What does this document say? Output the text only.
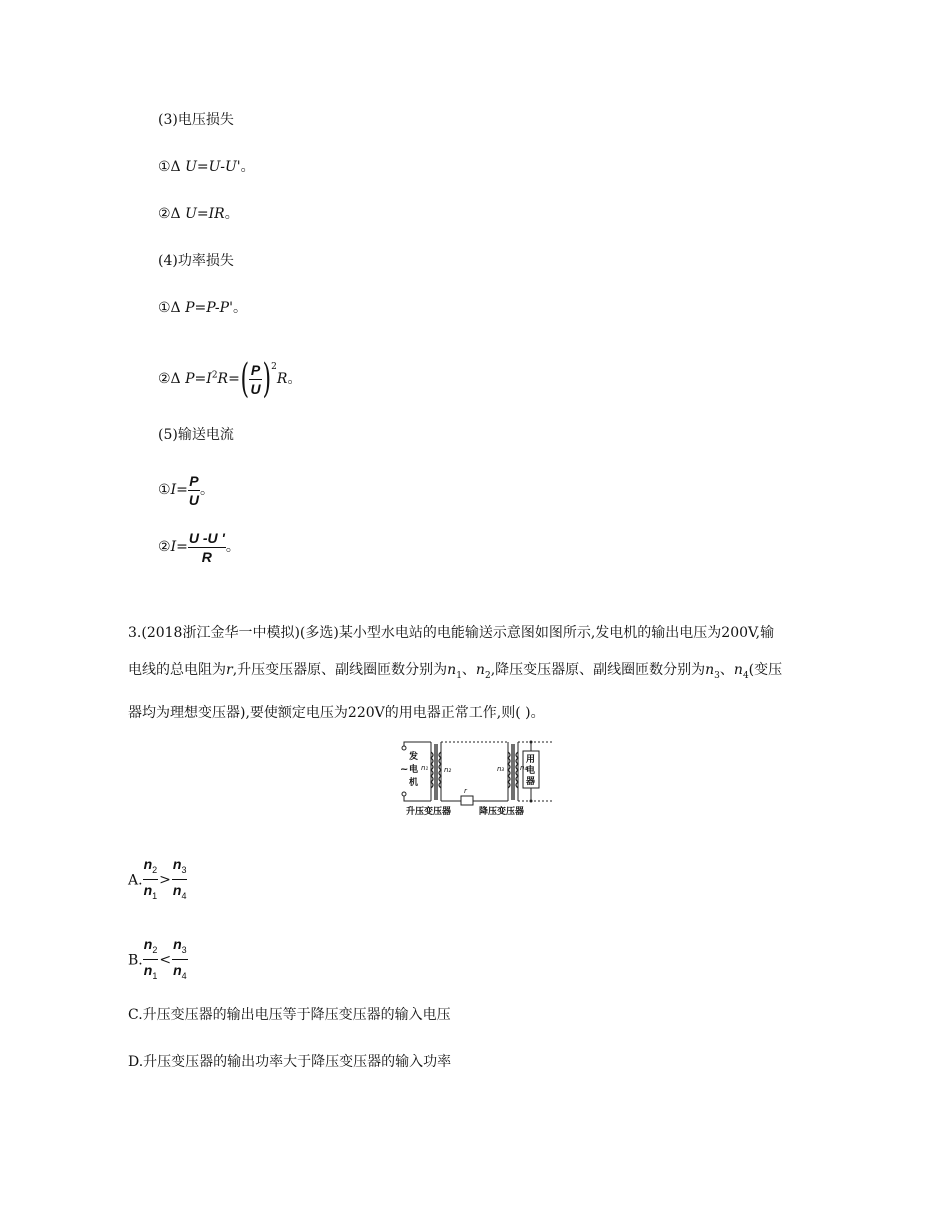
(3)电压损失
①Δ U=U-U'。
②Δ U=IR。
(4)功率损失
①Δ P=P-P'。
②Δ $P=I^2R=( \frac{P}{U} )^2R$。
(5)输送电流
①I= $\frac{P}{U}$ 。
②I= $\frac{U -U '}{R}$ 。
3.(2018浙江金华一中模拟)(多选)某小型水电站的电能输送示意图如图所示,发电机的输出电压为200V,输
电线的总电阻为r,升压变压器原、副线圈匝数分别为$n_1$、$n_2$,降压变压器原、副线圈匝数分别为$n_3$、$n_4$(变压
器均为理想变压器),要使额定电压为220V的用电器正常工作,则( )。
发
~ 电
机
n₁ n₂
r
n₃ n₄
用
电
器
升压变压器	降压变压器
A. $\frac{n_2}{n_1} > \frac{n_3}{n_4}$
B. $\frac{n_2}{n_1} < \frac{n_3}{n_4}$
C.升压变压器的输出电压等于降压变压器的输入电压
D.升压变压器的输出功率大于降压变压器的输入功率
